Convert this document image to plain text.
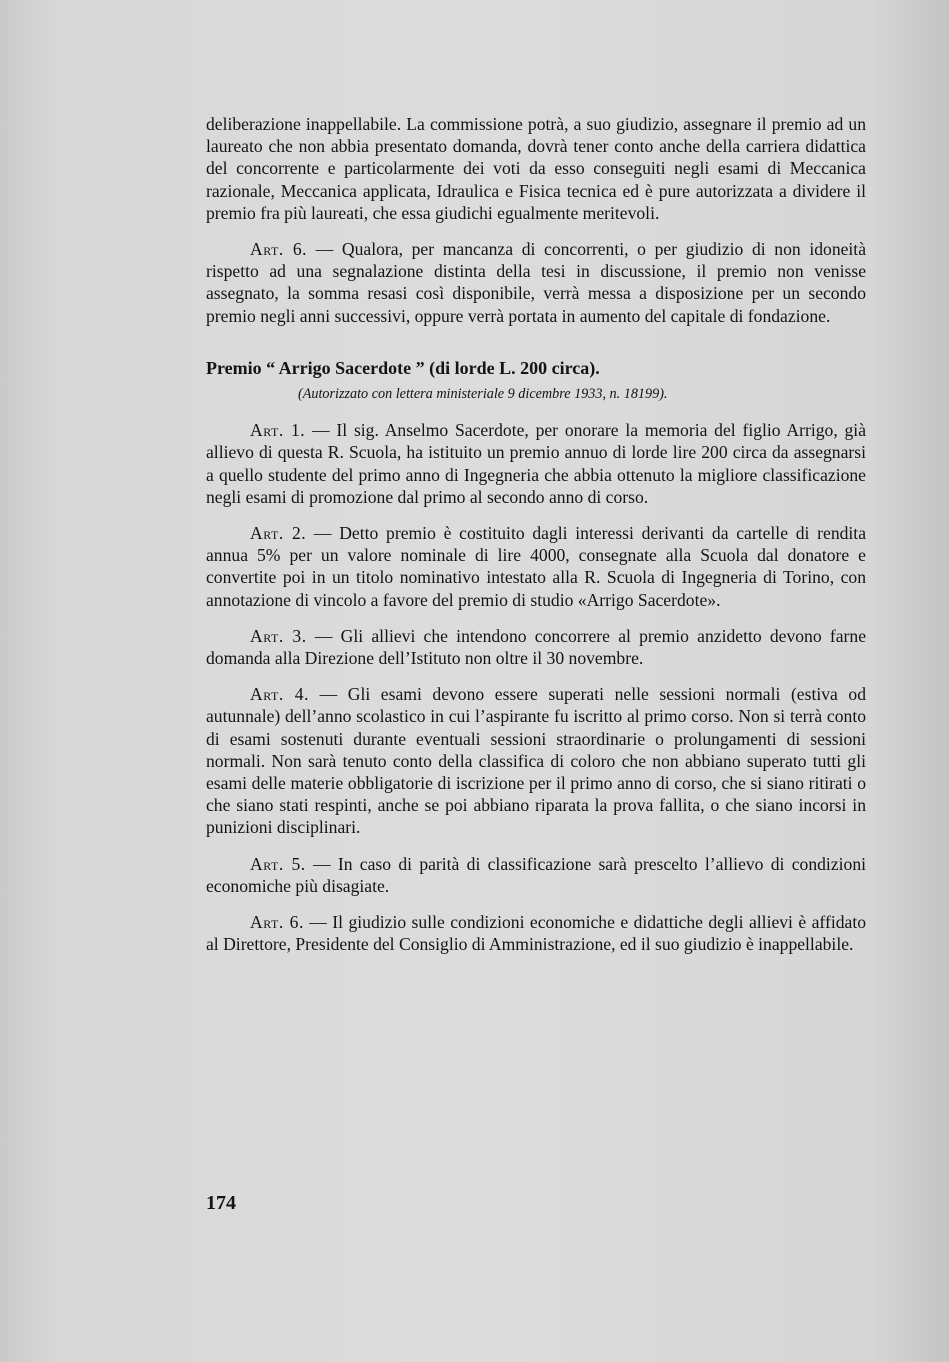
deliberazione inappellabile. La commissione potrà, a suo giudizio, assegnare il premio ad un laureato che non abbia presentato domanda, dovrà tener conto anche della carriera didattica del concorrente e particolarmente dei voti da esso conseguiti negli esami di Meccanica razionale, Meccanica applicata, Idraulica e Fisica tecnica ed è pure autorizzata a dividere il premio fra più laureati, che essa giudichi egualmente meritevoli.

Art. 6. — Qualora, per mancanza di concorrenti, o per giudizio di non idoneità rispetto ad una segnalazione distinta della tesi in discussione, il premio non venisse assegnato, la somma resasi così disponibile, verrà messa a disposizione per un secondo premio negli anni successivi, oppure verrà portata in aumento del capitale di fondazione.

Premio “ Arrigo Sacerdote ” (di lorde L. 200 circa).

(Autorizzato con lettera ministeriale 9 dicembre 1933, n. 18199).

Art. 1. — Il sig. Anselmo Sacerdote, per onorare la memoria del figlio Arrigo, già allievo di questa R. Scuola, ha istituito un premio annuo di lorde lire 200 circa da assegnarsi a quello studente del primo anno di Ingegneria che abbia ottenuto la migliore classificazione negli esami di promozione dal primo al secondo anno di corso.

Art. 2. — Detto premio è costituito dagli interessi derivanti da cartelle di rendita annua 5% per un valore nominale di lire 4000, consegnate alla Scuola dal donatore e convertite poi in un titolo nominativo intestato alla R. Scuola di Ingegneria di Torino, con annotazione di vincolo a favore del premio di studio «Arrigo Sacerdote».

Art. 3. — Gli allievi che intendono concorrere al premio anzidetto devono farne domanda alla Direzione dell’Istituto non oltre il 30 novembre.

Art. 4. — Gli esami devono essere superati nelle sessioni normali (estiva od autunnale) dell’anno scolastico in cui l’aspirante fu iscritto al primo corso. Non si terrà conto di esami sostenuti durante eventuali sessioni straordinarie o prolungamenti di sessioni normali. Non sarà tenuto conto della classifica di coloro che non abbiano superato tutti gli esami delle materie obbligatorie di iscrizione per il primo anno di corso, che si siano ritirati o che siano stati respinti, anche se poi abbiano riparata la prova fallita, o che siano incorsi in punizioni disciplinari.

Art. 5. — In caso di parità di classificazione sarà prescelto l’allievo di condizioni economiche più disagiate.

Art. 6. — Il giudizio sulle condizioni economiche e didattiche degli allievi è affidato al Direttore, Presidente del Consiglio di Amministrazione, ed il suo giudizio è inappellabile.

174
